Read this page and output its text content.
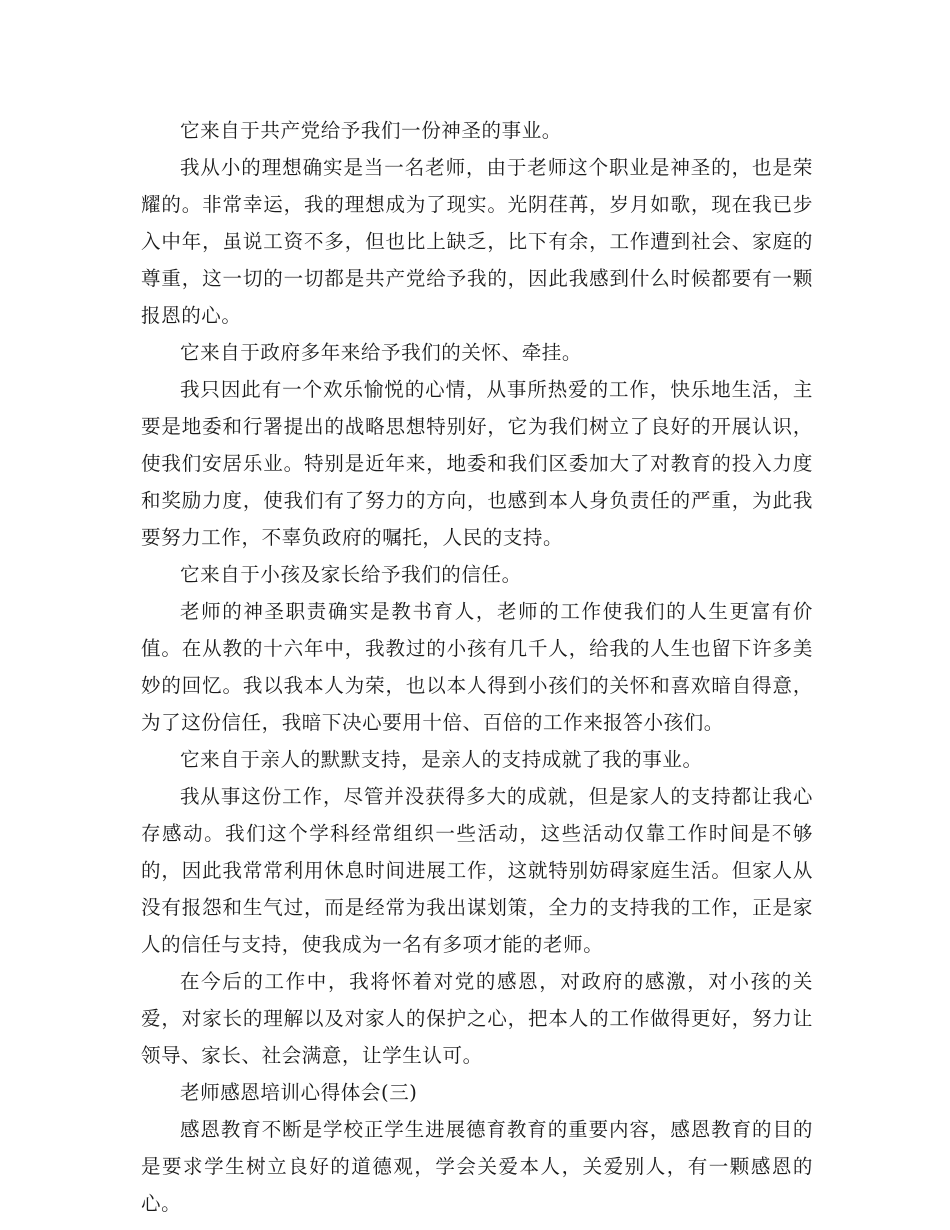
它来自于共产党给予我们一份神圣的事业。

我从小的理想确实是当一名老师，由于老师这个职业是神圣的，也是荣耀的。非常幸运，我的理想成为了现实。光阴荏苒，岁月如歌，现在我已步入中年，虽说工资不多，但也比上缺乏，比下有余，工作遭到社会、家庭的尊重，这一切的一切都是共产党给予我的，因此我感到什么时候都要有一颗报恩的心。

它来自于政府多年来给予我们的关怀、牵挂。

我只因此有一个欢乐愉悦的心情，从事所热爱的工作，快乐地生活，主要是地委和行署提出的战略思想特别好，它为我们树立了良好的开展认识，使我们安居乐业。特别是近年来，地委和我们区委加大了对教育的投入力度和奖励力度，使我们有了努力的方向，也感到本人身负责任的严重，为此我要努力工作，不辜负政府的嘱托，人民的支持。

它来自于小孩及家长给予我们的信任。

老师的神圣职责确实是教书育人，老师的工作使我们的人生更富有价值。在从教的十六年中，我教过的小孩有几千人，给我的人生也留下许多美妙的回忆。我以我本人为荣，也以本人得到小孩们的关怀和喜欢暗自得意，为了这份信任，我暗下决心要用十倍、百倍的工作来报答小孩们。

它来自于亲人的默默支持，是亲人的支持成就了我的事业。

我从事这份工作，尽管并没获得多大的成就，但是家人的支持都让我心存感动。我们这个学科经常组织一些活动，这些活动仅靠工作时间是不够的，因此我常常利用休息时间进展工作，这就特别妨碍家庭生活。但家人从没有报怨和生气过，而是经常为我出谋划策，全力的支持我的工作，正是家人的信任与支持，使我成为一名有多项才能的老师。

在今后的工作中，我将怀着对党的感恩，对政府的感激，对小孩的关爱，对家长的理解以及对家人的保护之心，把本人的工作做得更好，努力让领导、家长、社会满意，让学生认可。

老师感恩培训心得体会(三)

感恩教育不断是学校正学生进展德育教育的重要内容，感恩教育的目的是要求学生树立良好的道德观，学会关爱本人，关爱别人，有一颗感恩的心。
